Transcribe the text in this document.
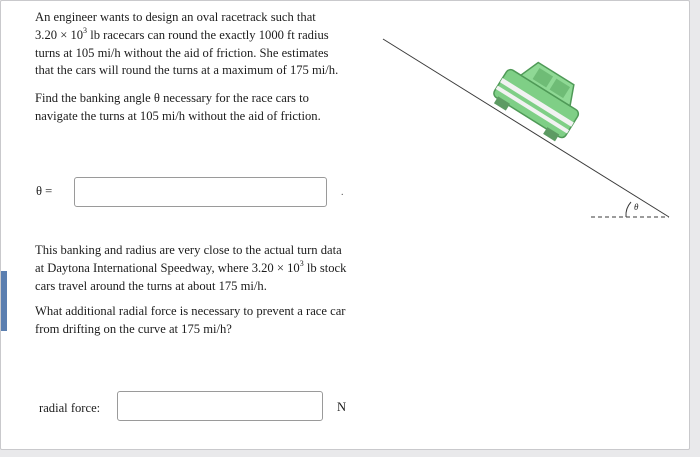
An engineer wants to design an oval racetrack such that
$3.20 \times 10^3$ lb racecars can round the exactly 1000 ft radius
turns at 105 mi/h without the aid of friction. She estimates
that the cars will round the turns at a maximum of 175 mi/h.
Find the banking angle θ necessary for the race cars to
navigate the turns at 105 mi/h without the aid of friction.
θ =	.
This banking and radius are very close to the actual turn data
at Daytona International Speedway, where $3.20 \times 10^3$ lb stock
cars travel around the turns at about 175 mi/h.
What additional radial force is necessary to prevent a race car
from drifting on the curve at 175 mi/h?
radial force:	N
θ
